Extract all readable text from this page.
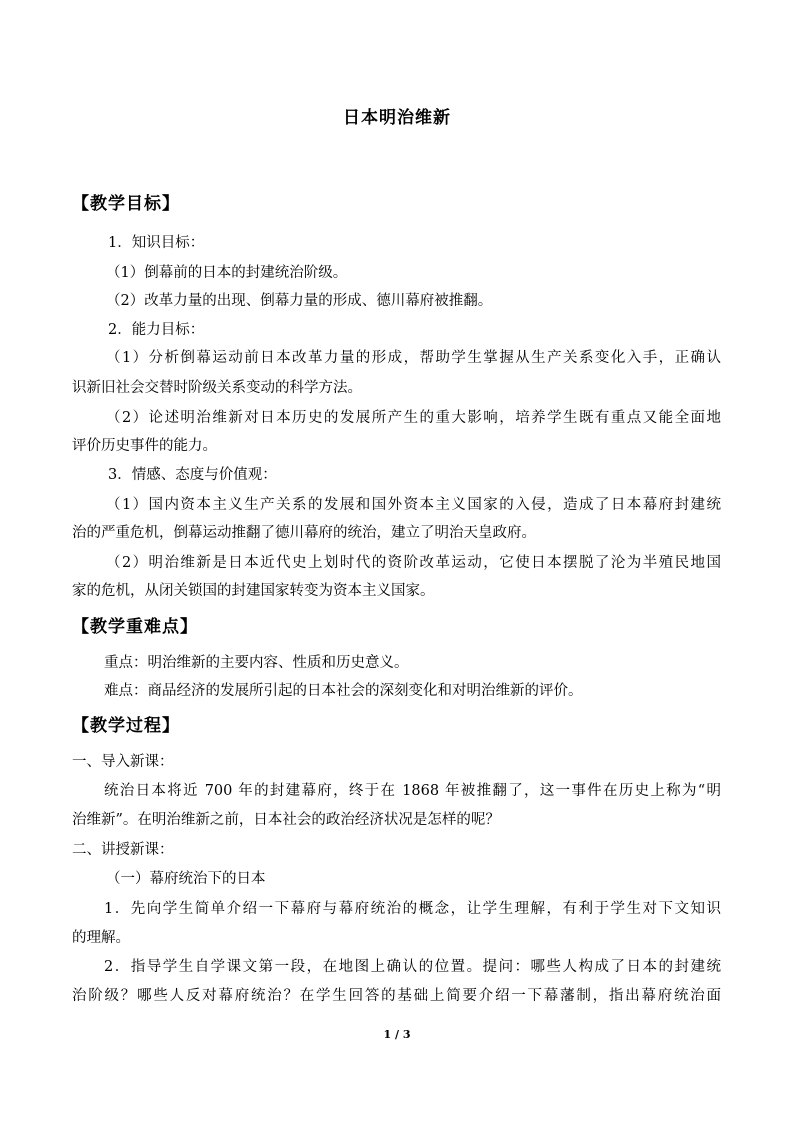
日本明治维新
【教学目标】
1．知识目标：
（1）倒幕前的日本的封建统治阶级。
（2）改革力量的出现、倒幕力量的形成、德川幕府被推翻。
2．能力目标：
（1）分析倒幕运动前日本改革力量的形成，帮助学生掌握从生产关系变化入手，正确认
识新旧社会交替时阶级关系变动的科学方法。
（2）论述明治维新对日本历史的发展所产生的重大影响，培养学生既有重点又能全面地
评价历史事件的能力。
3．情感、态度与价值观：
（1）国内资本主义生产关系的发展和国外资本主义国家的入侵，造成了日本幕府封建统
治的严重危机，倒幕运动推翻了德川幕府的统治，建立了明治天皇政府。
（2）明治维新是日本近代史上划时代的资阶改革运动，它使日本摆脱了沦为半殖民地国
家的危机，从闭关锁国的封建国家转变为资本主义国家。
【教学重难点】
重点：明治维新的主要内容、性质和历史意义。
难点：商品经济的发展所引起的日本社会的深刻变化和对明治维新的评价。
【教学过程】
一、导入新课：
统治日本将近 700 年的封建幕府，终于在 1868 年被推翻了，这一事件在历史上称为“明
治维新”。在明治维新之前，日本社会的政治经济状况是怎样的呢？
二、讲授新课：
（一）幕府统治下的日本
1．先向学生简单介绍一下幕府与幕府统治的概念，让学生理解，有利于学生对下文知识
的理解。
2．指导学生自学课文第一段，在地图上确认的位置。提问：哪些人构成了日本的封建统
治阶级？哪些人反对幕府统治？在学生回答的基础上简要介绍一下幕藩制，指出幕府统治面
1 / 3
